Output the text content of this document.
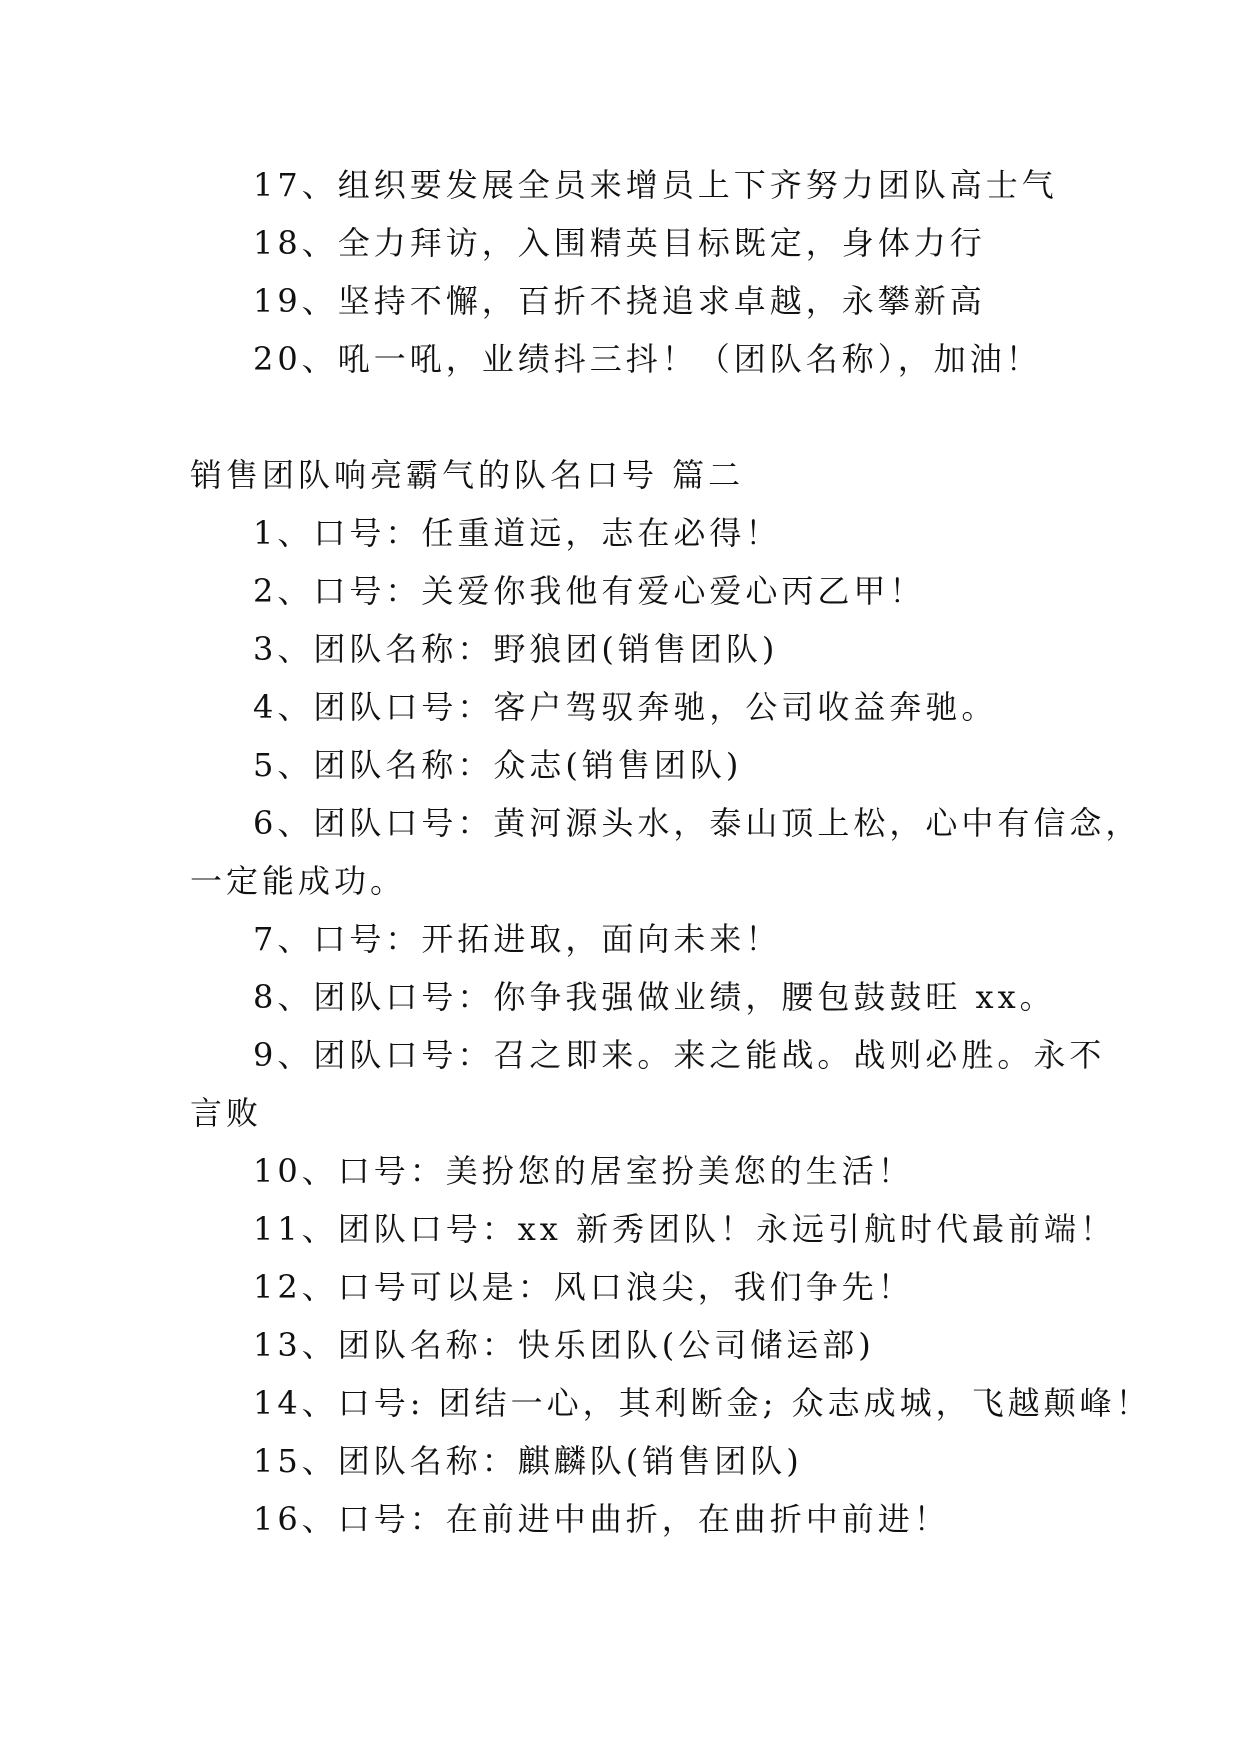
17、组织要发展全员来增员上下齐努力团队高士气
18、全力拜访，入围精英目标既定，身体力行
19、坚持不懈，百折不挠追求卓越，永攀新高
20、吼一吼，业绩抖三抖！（团队名称），加油！
销售团队响亮霸气的队名口号 篇二
1、口号：任重道远，志在必得！
2、口号：关爱你我他有爱心爱心丙乙甲！
3、团队名称：野狼团(销售团队)
4、团队口号：客户驾驭奔驰，公司收益奔驰。
5、团队名称：众志(销售团队)
6、团队口号：黄河源头水，泰山顶上松，心中有信念，
一定能成功。
7、口号：开拓进取，面向未来！
8、团队口号：你争我强做业绩，腰包鼓鼓旺 xx。
9、团队口号：召之即来。来之能战。战则必胜。永不
言败
10、口号：美扮您的居室扮美您的生活！
11、团队口号：xx 新秀团队！永远引航时代最前端！
12、口号可以是：风口浪尖，我们争先！
13、团队名称：快乐团队(公司储运部)
14、口号: 团结一心，其利断金; 众志成城，飞越颠峰！
15、团队名称：麒麟队(销售团队)
16、口号：在前进中曲折，在曲折中前进！
